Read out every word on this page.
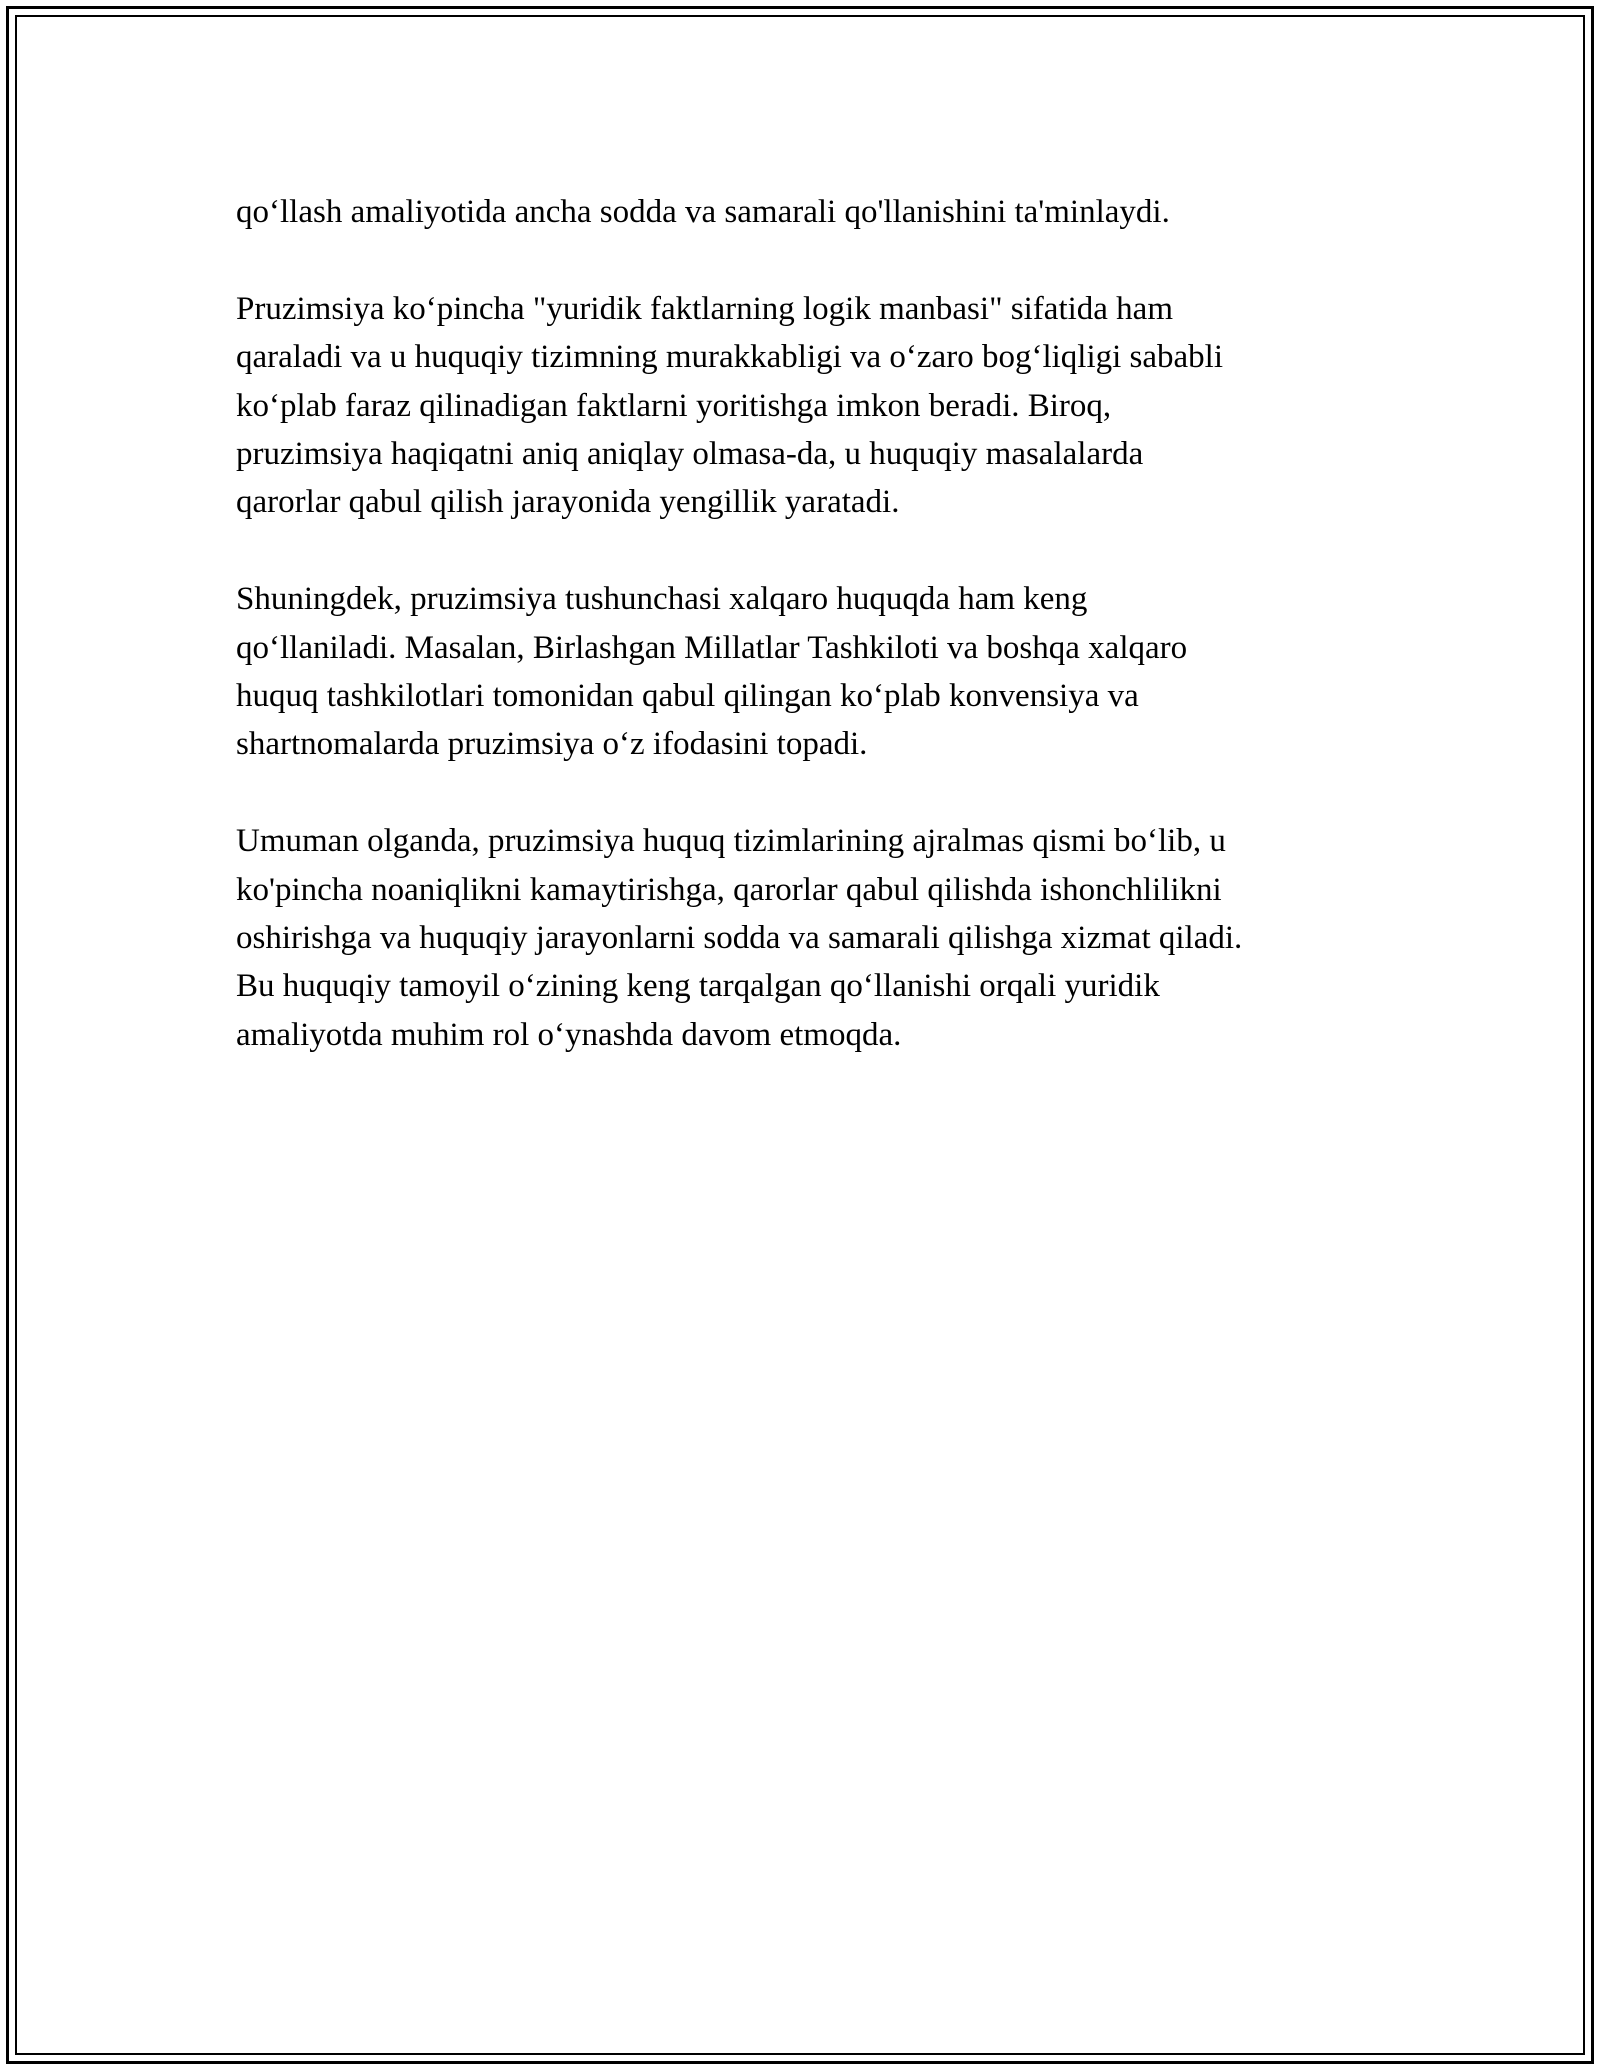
qo‘llash amaliyotida ancha sodda va samarali qo'llanishini ta'minlaydi.

Pruzimsiya ko‘pincha "yuridik faktlarning logik manbasi" sifatida ham
qaraladi va u huquqiy tizimning murakkabligi va o‘zaro bog‘liqligi sababli
ko‘plab faraz qilinadigan faktlarni yoritishga imkon beradi. Biroq,
pruzimsiya haqiqatni aniq aniqlay olmasa-da, u huquqiy masalalarda
qarorlar qabul qilish jarayonida yengillik yaratadi.

Shuningdek, pruzimsiya tushunchasi xalqaro huquqda ham keng
qo‘llaniladi. Masalan, Birlashgan Millatlar Tashkiloti va boshqa xalqaro
huquq tashkilotlari tomonidan qabul qilingan ko‘plab konvensiya va
shartnomalarda pruzimsiya o‘z ifodasini topadi.

Umuman olganda, pruzimsiya huquq tizimlarining ajralmas qismi bo‘lib, u
ko'pincha noaniqlikni kamaytirishga, qarorlar qabul qilishda ishonchlilikni
oshirishga va huquqiy jarayonlarni sodda va samarali qilishga xizmat qiladi.
Bu huquqiy tamoyil o‘zining keng tarqalgan qo‘llanishi orqali yuridik
amaliyotda muhim rol o‘ynashda davom etmoqda.
